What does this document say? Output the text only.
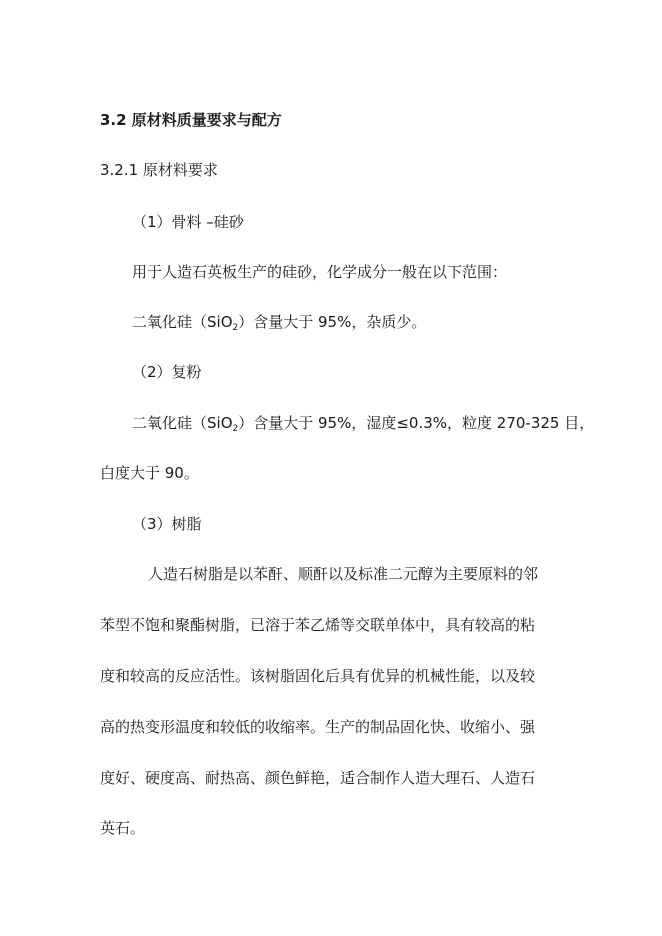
3.2 原材料质量要求与配方

3.2.1 原材料要求

（1）骨料 –硅砂

用于人造石英板生产的硅砂，化学成分一般在以下范围：

二氧化硅（SiO$_2$）含量大于 95%，杂质少。

（2）复粉

二氧化硅（SiO$_2$）含量大于 95%，湿度≤0.3%，粒度 270-325 目，

白度大于 90。

（3）树脂

人造石树脂是以苯酐、顺酐以及标准二元醇为主要原料的邻

苯型不饱和聚酯树脂，已溶于苯乙烯等交联单体中，具有较高的粘

度和较高的反应活性。该树脂固化后具有优异的机械性能，以及较

高的热变形温度和较低的收缩率。生产的制品固化快、收缩小、强

度好、硬度高、耐热高、颜色鲜艳，适合制作人造大理石、人造石

英石。
